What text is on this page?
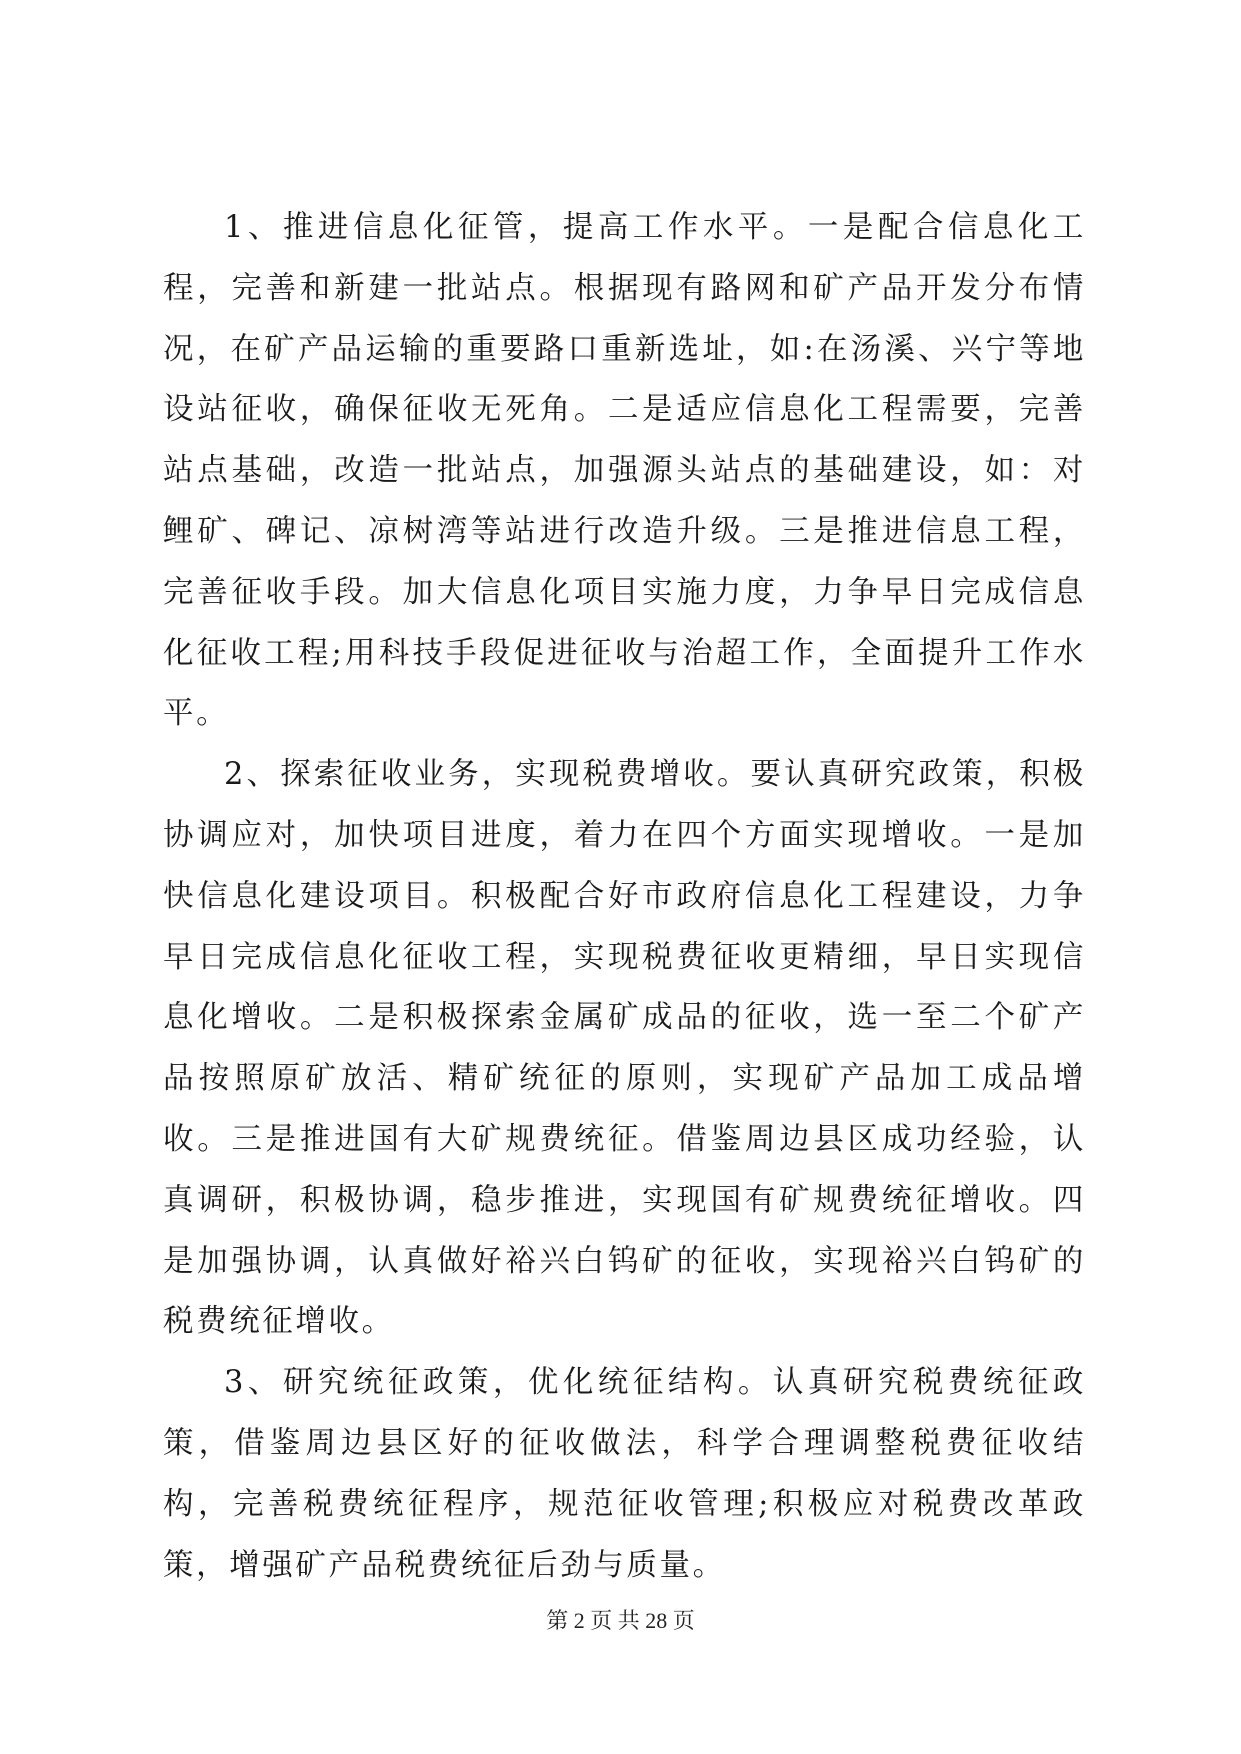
1、推进信息化征管，提高工作水平。一是配合信息化工程，完善和新建一批站点。根据现有路网和矿产品开发分布情况，在矿产品运输的重要路口重新选址，如:在汤溪、兴宁等地设站征收，确保征收无死角。二是适应信息化工程需要，完善站点基础，改造一批站点，加强源头站点的基础建设，如：对鲤矿、碑记、凉树湾等站进行改造升级。三是推进信息工程，完善征收手段。加大信息化项目实施力度，力争早日完成信息化征收工程;用科技手段促进征收与治超工作，全面提升工作水平。

2、探索征收业务，实现税费增收。要认真研究政策，积极协调应对，加快项目进度，着力在四个方面实现增收。一是加快信息化建设项目。积极配合好市政府信息化工程建设，力争早日完成信息化征收工程，实现税费征收更精细，早日实现信息化增收。二是积极探索金属矿成品的征收，选一至二个矿产品按照原矿放活、精矿统征的原则，实现矿产品加工成品增收。三是推进国有大矿规费统征。借鉴周边县区成功经验，认真调研，积极协调，稳步推进，实现国有矿规费统征增收。四是加强协调，认真做好裕兴白钨矿的征收，实现裕兴白钨矿的税费统征增收。

3、研究统征政策，优化统征结构。认真研究税费统征政策，借鉴周边县区好的征收做法，科学合理调整税费征收结构，完善税费统征程序，规范征收管理;积极应对税费改革政策，增强矿产品税费统征后劲与质量。

第 2 页 共 28 页
